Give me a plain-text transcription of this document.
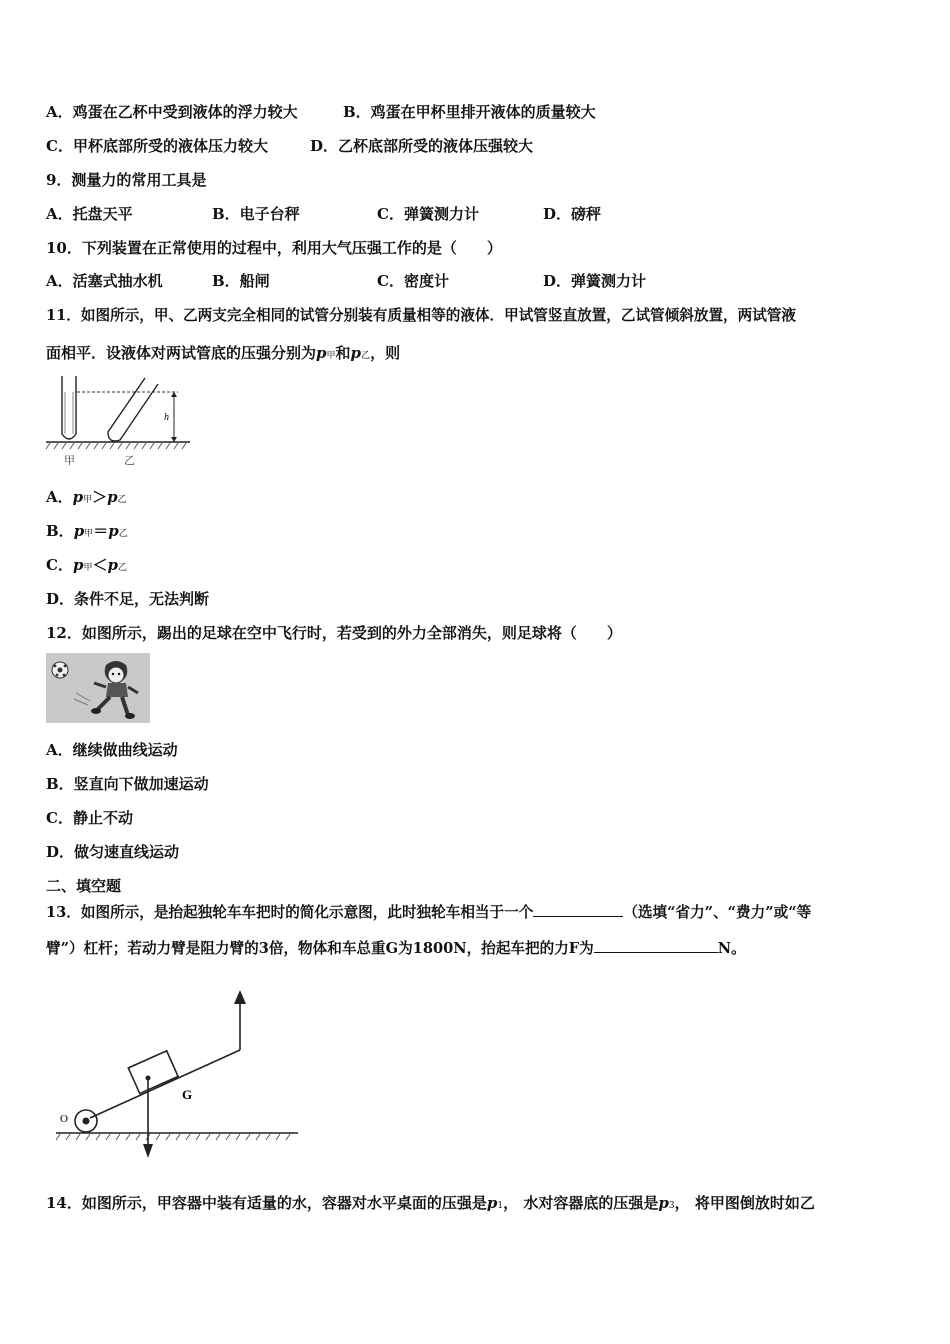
A．鸡蛋在乙杯中受到液体的浮力较大	B．鸡蛋在甲杯里排开液体的质量较大
C．甲杯底部所受的液体压力较大	D．乙杯底部所受的液体压强较大
9．测量力的常用工具是
A．托盘天平	B．电子台秤	C．弹簧测力计	D．磅秤
10．下列装置在正常使用的过程中，利用大气压强工作的是（　　）
A．活塞式抽水机	B．船闸	C．密度计	D．弹簧测力计
11．如图所示，甲、乙两支完全相同的试管分别装有质量相等的液体．甲试管竖直放置，乙试管倾斜放置，两试管液
面相平．设液体对两试管底的压强分别为p甲和p乙，则
h
甲	乙
A．p甲＞p乙
B．p甲＝p乙
C．p甲＜p乙
D．条件不足，无法判断
12．如图所示，踢出的足球在空中飞行时，若受到的外力全部消失，则足球将（　　）
A．继续做曲线运动
B．竖直向下做加速运动
C．静止不动
D．做匀速直线运动
二、填空题
13．如图所示，是抬起独轮车车把时的简化示意图，此时独轮车相当于一个	（选填“省力”、“费力”或“等
臂”）杠杆；若动力臂是阻力臂的3倍，物体和车总重G为1800N，抬起车把的力F为	N。
O
G
14．如图所示，甲容器中装有适量的水，容器对水平桌面的压强是p1， 水对容器底的压强是p3， 将甲图倒放时如乙
